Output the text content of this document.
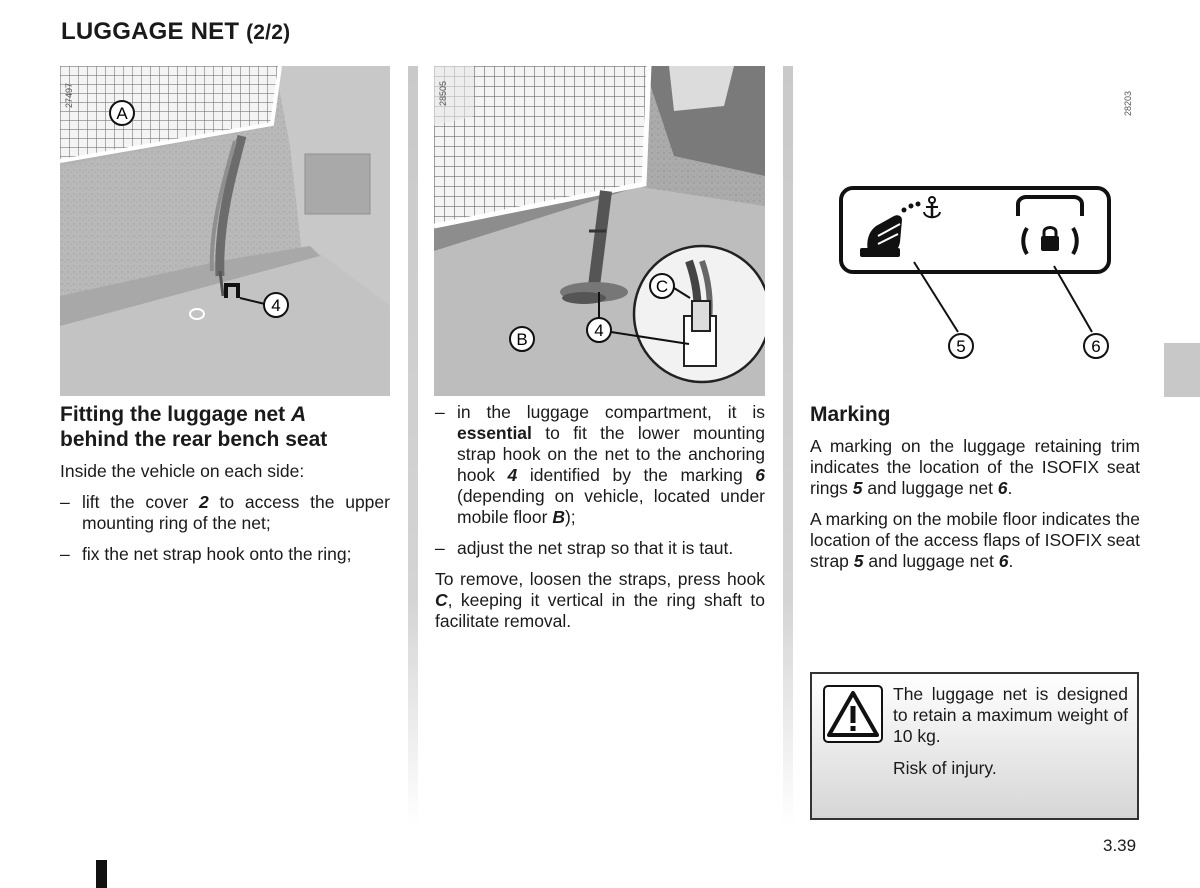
LUGGAGE NET (2/2)
A
4
27497
C
4
B
28505
5	6
28203
Fitting the luggage net A
behind the rear bench seat

Inside the vehicle on each side:

– lift the cover 2 to access the upper mounting ring of the net;
– fix the net strap hook onto the ring;
– in the luggage compartment, it is essential to fit the lower mounting strap hook on the net to the anchoring hook 4 identified by the marking 6 (depending on vehicle, located under mobile floor B);
– adjust the net strap so that it is taut.

To remove, loosen the straps, press hook C, keeping it vertical in the ring shaft to facilitate removal.

Marking

A marking on the luggage retaining trim indicates the location of the ISOFIX seat rings 5 and luggage net 6.

A marking on the mobile floor indicates the location of the access flaps of ISOFIX seat strap 5 and luggage net 6.

The luggage net is designed to retain a maximum weight of 10 kg.
Risk of injury.
3.39
